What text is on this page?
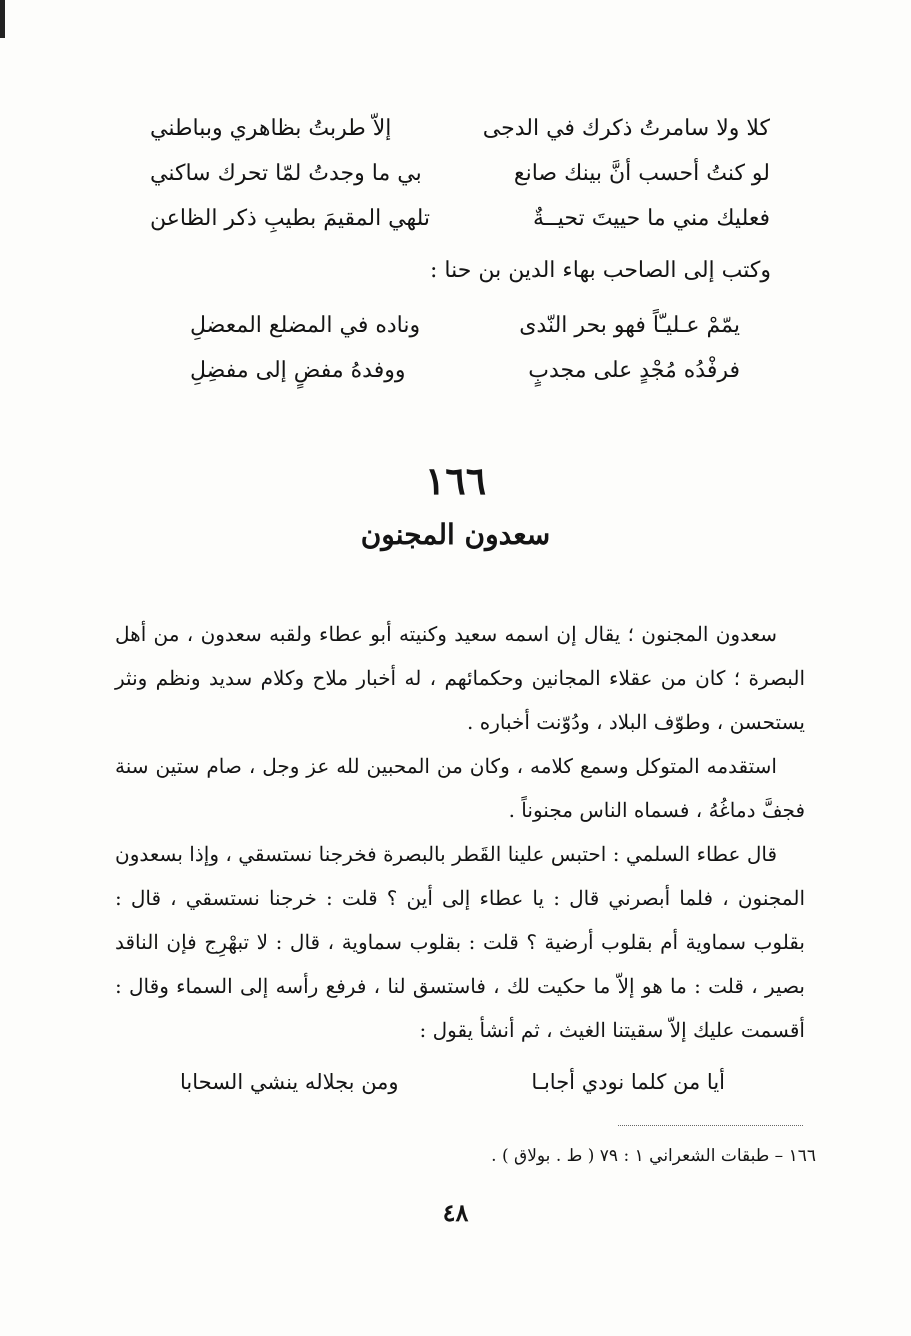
كلا ولا سامرتُ ذكرك في الدجى
إلاّ طربتُ بظاهري وبباطني
لو كنتُ أحسب أنَّ بينك صانع
بي ما وجدتُ لمّا تحرك ساكني
فعليك مني ما حييتَ تحيــةٌ
تلهي المقيمَ بطيبِ ذكر الظاعن
وكتب إلى الصاحب بهاء الدين بن حنا :
يمّمْ عـليـّاً فهو بحر النّدى
وناده في المضلع المعضلِ
فرفْدُه مُجْدٍ على مجدبٍ
ووفدهُ مفضٍ إلى مفضِلِ
١٦٦
سعدون المجنون

سعدون المجنون ؛ يقال إن اسمه سعيد وكنيته أبو عطاء ولقبه سعدون ، من أهل البصرة ؛ كان من عقلاء المجانين وحكمائهم ، له أخبار ملاح وكلام سديد ونظم ونثر يستحسن ، وطوّف البلاد ، ودُوّنت أخباره .

استقدمه المتوكل وسمع كلامه ، وكان من المحبين لله عز وجل ، صام ستين سنة فجفَّ دماغُهُ ، فسماه الناس مجنوناً .

قال عطاء السلمي : احتبس علينا القَطر بالبصرة فخرجنا نستسقي ، وإذا بسعدون المجنون ، فلما أبصرني قال : يا عطاء إلى أين ؟ قلت : خرجنا نستسقي ، قال : بقلوب سماوية أم بقلوب أرضية ؟ قلت : بقلوب سماوية ، قال : لا تبهْرِج فإن الناقد بصير ، قلت : ما هو إلاّ ما حكيت لك ، فاستسق لنا ، فرفع رأسه إلى السماء وقال : أقسمت عليك إلاّ سقيتنا الغيث ، ثم أنشأ يقول :

أيا من كلما نودي أجابـا
ومن بجلاله ينشي السحابا
١٦٦ – طبقات الشعراني ١ : ٧٩ ( ط . بولاق ) .
٤٨
